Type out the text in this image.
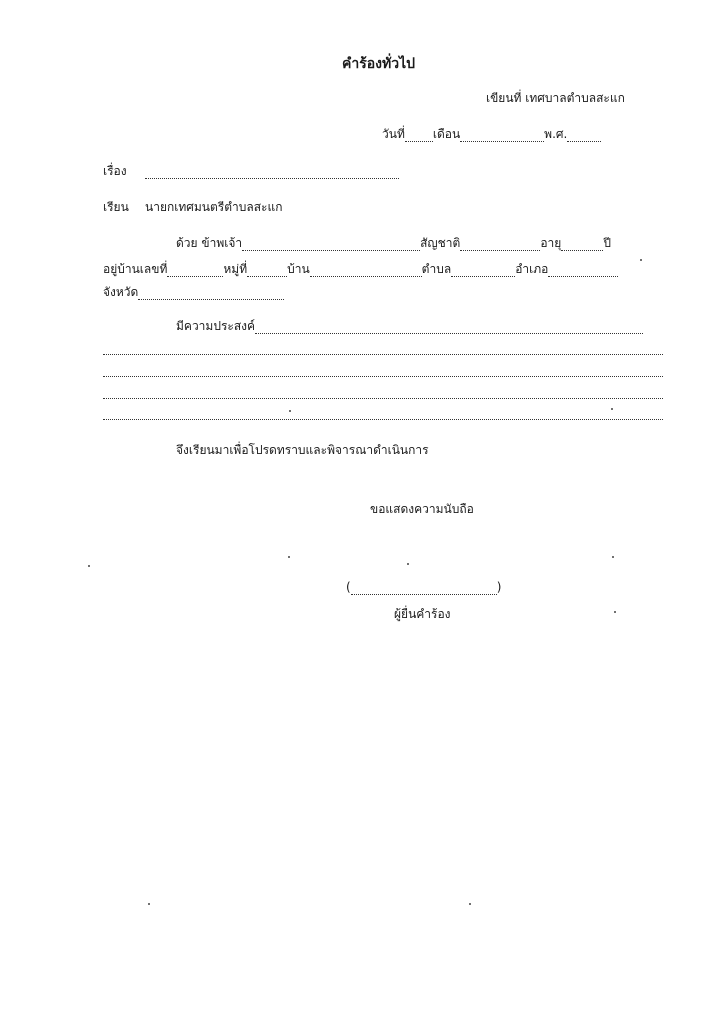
คำร้องทั่วไป
เขียนที่ เทศบาลตำบลสะแก
วันที่ เดือน	พ.ศ.
เรื่อง
เรียน	นายกเทศมนตรีตำบลสะแก
ด้วย ข้าพเจ้า	สัญชาติ	อายุ	ปี
อยู่บ้านเลขที่	หมู่ที่	บ้าน	ตำบล	อำเภอ
จังหวัด
มีความประสงค์
จึงเรียนมาเพื่อโปรดทราบและพิจารณาดำเนินการ
ขอแสดงความนับถือ
(	)
ผู้ยื่นคำร้อง
